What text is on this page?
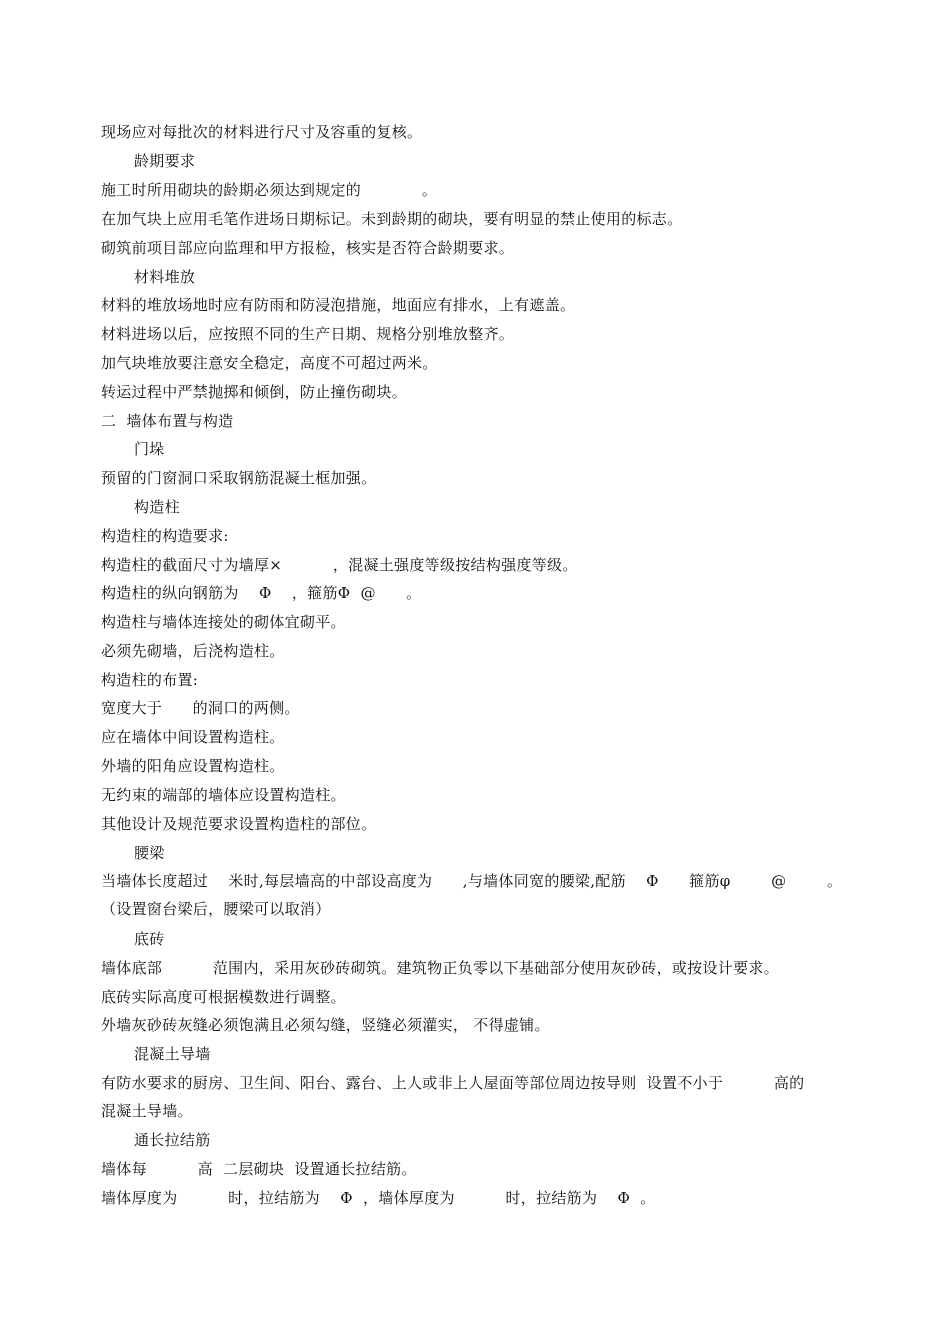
现场应对每批次的材料进行尺寸及容重的复核。
龄期要求
施工时所用砌块的龄期必须达到规定的            。
在加气块上应用毛笔作进场日期标记。未到龄期的砌块，要有明显的禁止使用的标志。
砌筑前项目部应向监理和甲方报检，核实是否符合龄期要求。
材料堆放
材料的堆放场地时应有防雨和防浸泡措施，地面应有排水，上有遮盖。
材料进场以后，应按照不同的生产日期、规格分别堆放整齐。
加气块堆放要注意安全稳定，高度不可超过两米。
转运过程中严禁抛掷和倾倒，防止撞伤砌块。
二  墙体布置与构造
门垛
预留的门窗洞口采取钢筋混凝土框加强。
构造柱
构造柱的构造要求:
构造柱的截面尺寸为墙厚×          ，混凝土强度等级按结构强度等级。
构造柱的纵向钢筋为    Φ    ，箍筋Φ  @      。
构造柱与墙体连接处的砌体宜砌平。
必须先砌墙，后浇构造柱。
构造柱的布置:
宽度大于      的洞口的两侧。
应在墙体中间设置构造柱。
外墙的阳角应设置构造柱。
无约束的端部的墙体应设置构造柱。
其他设计及规范要求设置构造柱的部位。
腰梁
当墙体长度超过    米时,每层墙高的中部设高度为      ,与墙体同宽的腰梁,配筋    Φ      箍筋φ        @        。
（设置窗台梁后，腰梁可以取消）
底砖
墙体底部          范围内，采用灰砂砖砌筑。建筑物正负零以下基础部分使用灰砂砖，或按设计要求。
底砖实际高度可根据模数进行调整。
外墙灰砂砖灰缝必须饱满且必须勾缝，竖缝必须灌实， 不得虚铺。
混凝土导墙
有防水要求的厨房、卫生间、阳台、露台、上人或非上人屋面等部位周边按导则  设置不小于          高的
混凝土导墙。
通长拉结筋
墙体每          高  二层砌块  设置通长拉结筋。
墙体厚度为          时，拉结筋为    Φ  ，墙体厚度为          时，拉结筋为    Φ  。
